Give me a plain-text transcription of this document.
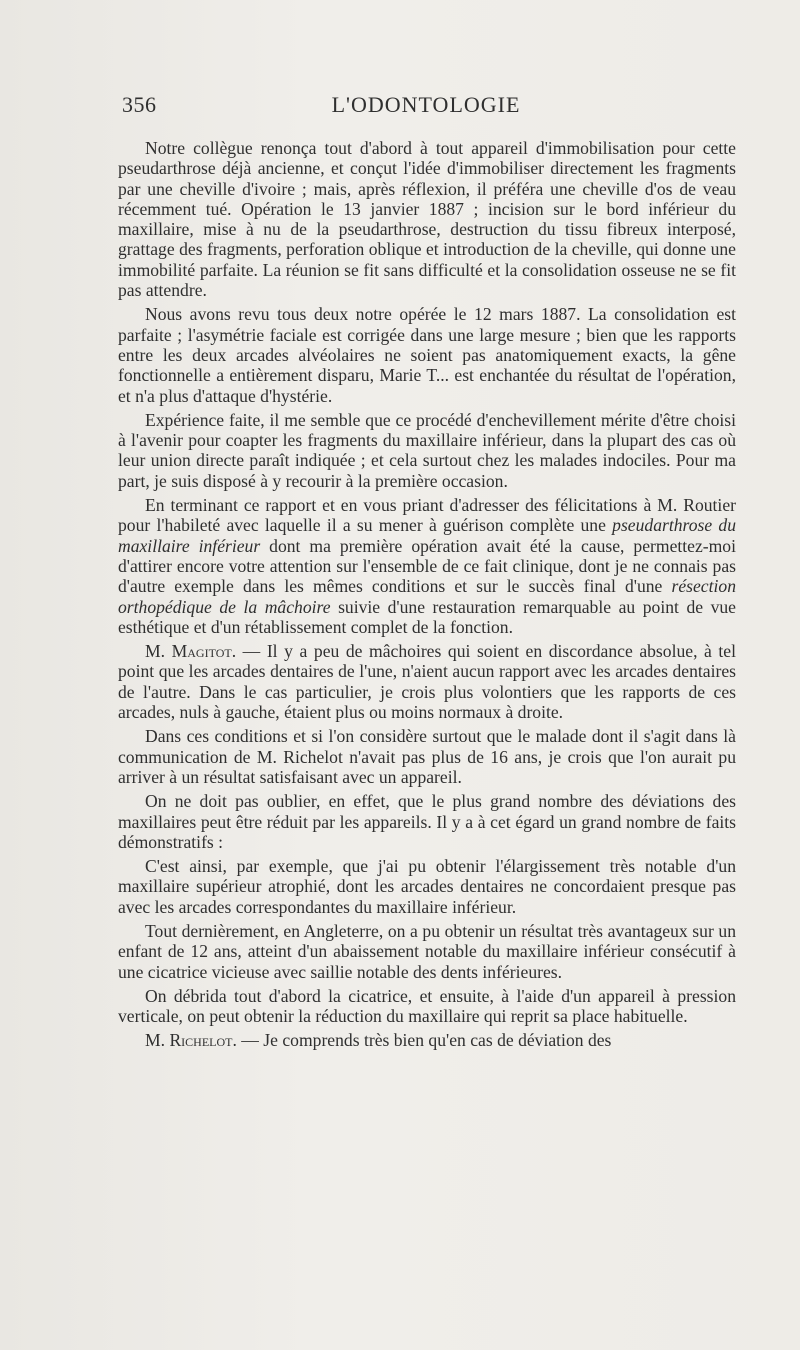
356	L'ODONTOLOGIE

Notre collègue renonça tout d'abord à tout appareil d'immobilisation pour cette pseudarthrose déjà ancienne, et conçut l'idée d'immobiliser directement les fragments par une cheville d'ivoire ; mais, après réflexion, il préféra une cheville d'os de veau récemment tué. Opération le 13 janvier 1887 ; incision sur le bord inférieur du maxillaire, mise à nu de la pseudarthrose, destruction du tissu fibreux interposé, grattage des fragments, perforation oblique et introduction de la cheville, qui donne une immobilité parfaite. La réunion se fit sans difficulté et la consolidation osseuse ne se fit pas attendre.

Nous avons revu tous deux notre opérée le 12 mars 1887. La consolidation est parfaite ; l'asymétrie faciale est corrigée dans une large mesure ; bien que les rapports entre les deux arcades alvéolaires ne soient pas anatomiquement exacts, la gêne fonctionnelle a entièrement disparu, Marie T... est enchantée du résultat de l'opération, et n'a plus d'attaque d'hystérie.

Expérience faite, il me semble que ce procédé d'enchevillement mérite d'être choisi à l'avenir pour coapter les fragments du maxillaire inférieur, dans la plupart des cas où leur union directe paraît indiquée ; et cela surtout chez les malades indociles. Pour ma part, je suis disposé à y recourir à la première occasion.

En terminant ce rapport et en vous priant d'adresser des félicitations à M. Routier pour l'habileté avec laquelle il a su mener à guérison complète une pseudarthrose du maxillaire inférieur dont ma première opération avait été la cause, permettez-moi d'attirer encore votre attention sur l'ensemble de ce fait clinique, dont je ne connais pas d'autre exemple dans les mêmes conditions et sur le succès final d'une résection orthopédique de la mâchoire suivie d'une restauration remarquable au point de vue esthétique et d'un rétablissement complet de la fonction.

M. Magitot. — Il y a peu de mâchoires qui soient en discordance absolue, à tel point que les arcades dentaires de l'une, n'aient aucun rapport avec les arcades dentaires de l'autre. Dans le cas particulier, je crois plus volontiers que les rapports de ces arcades, nuls à gauche, étaient plus ou moins normaux à droite.

Dans ces conditions et si l'on considère surtout que le malade dont il s'agit dans là communication de M. Richelot n'avait pas plus de 16 ans, je crois que l'on aurait pu arriver à un résultat satisfaisant avec un appareil.

On ne doit pas oublier, en effet, que le plus grand nombre des déviations des maxillaires peut être réduit par les appareils. Il y a à cet égard un grand nombre de faits démonstratifs :

C'est ainsi, par exemple, que j'ai pu obtenir l'élargissement très notable d'un maxillaire supérieur atrophié, dont les arcades dentaires ne concordaient presque pas avec les arcades correspondantes du maxillaire inférieur.

Tout dernièrement, en Angleterre, on a pu obtenir un résultat très avantageux sur un enfant de 12 ans, atteint d'un abaissement notable du maxillaire inférieur consécutif à une cicatrice vicieuse avec saillie notable des dents inférieures.

On débrida tout d'abord la cicatrice, et ensuite, à l'aide d'un appareil à pression verticale, on peut obtenir la réduction du maxillaire qui reprit sa place habituelle.

M. Richelot. — Je comprends très bien qu'en cas de déviation des
